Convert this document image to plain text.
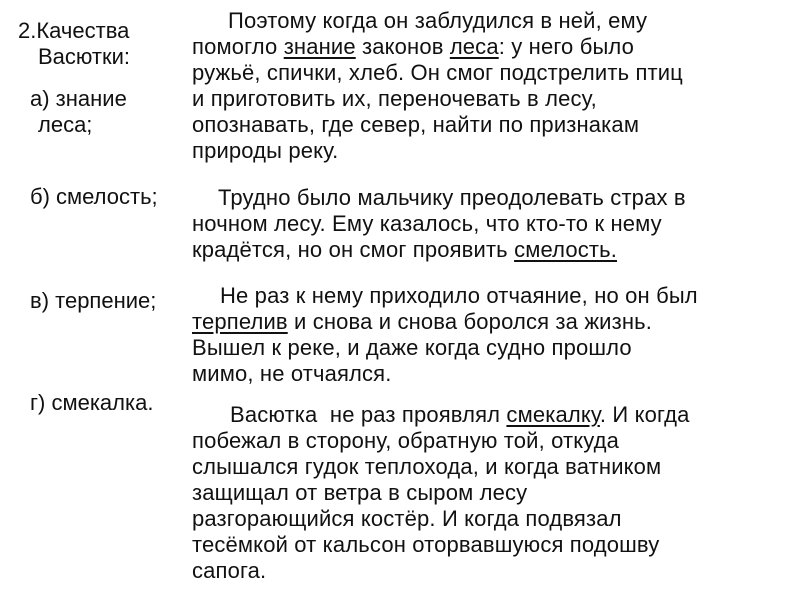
2.Качества
Васютки:
а) знание
леса;
б) смелость;
в) терпение;
г) смекалка.
Поэтому когда он заблудился в ней, ему
помогло знание законов леса: у него было
ружьё, спички, хлеб. Он смог подстрелить птиц
и приготовить их, переночевать в лесу,
опознавать, где север, найти по признакам
природы реку.
Трудно было мальчику преодолевать страх в
ночном лесу. Ему казалось, что кто-то к нему
крадётся, но он смог проявить смелость.
Не раз к нему приходило отчаяние, но он был
терпелив и снова и снова боролся за жизнь.
Вышел к реке, и даже когда судно прошло
мимо, не отчаялся.
Васютка  не раз проявлял смекалку. И когда
побежал в сторону, обратную той, откуда
слышался гудок теплохода, и когда ватником
защищал от ветра в сыром лесу
разгорающийся костёр. И когда подвязал
тесёмкой от кальсон оторвавшуюся подошву
сапога.
